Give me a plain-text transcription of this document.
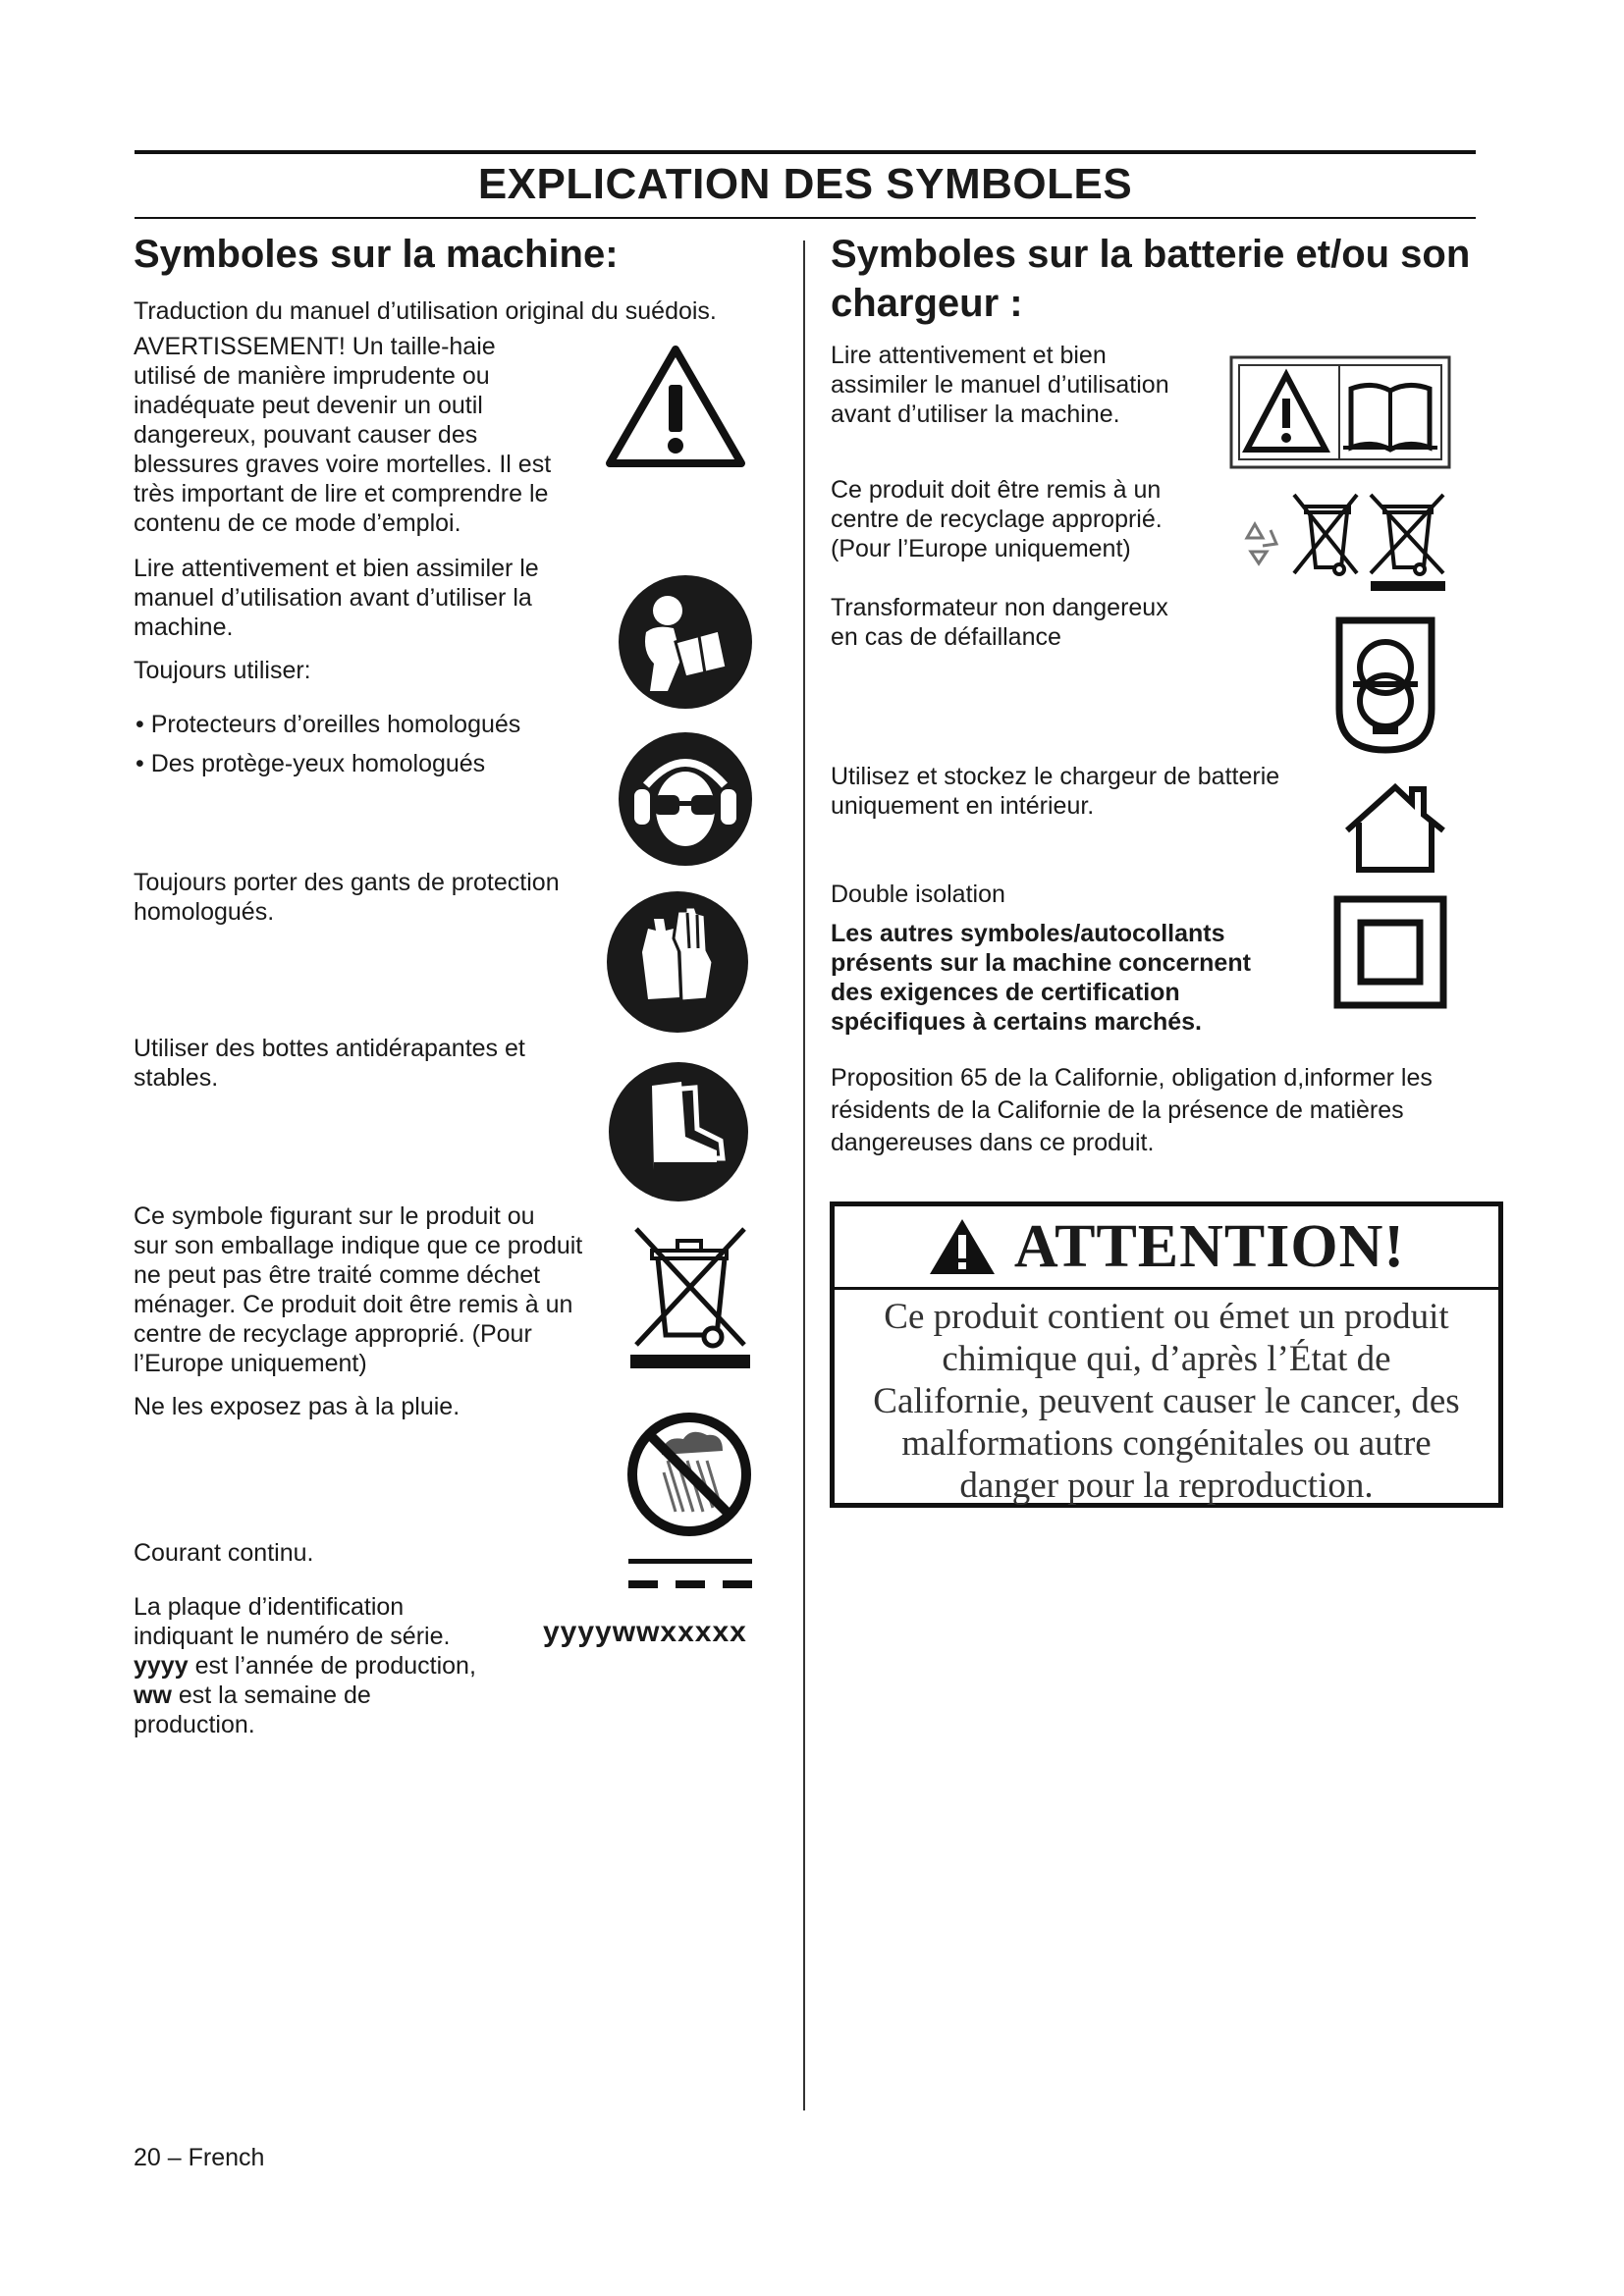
EXPLICATION DES SYMBOLES
Symboles sur la machine:

Traduction du manuel d’utilisation original du suédois.

AVERTISSEMENT! Un taille-haie
utilisé de manière imprudente ou
inadéquate peut devenir un outil
dangereux, pouvant causer des
blessures graves voire mortelles. Il est
très important de lire et comprendre le
contenu de ce mode d’emploi.
Lire attentivement et bien assimiler le
manuel d’utilisation avant d’utiliser la
machine.

Toujours utiliser:

• Protecteurs d’oreilles homologués
• Des protège-yeux homologués
Toujours porter des gants de protection
homologués.
Utiliser des bottes antidérapantes et
stables.
Ce symbole figurant sur le produit ou
sur son emballage indique que ce produit
ne peut pas être traité comme déchet
ménager. Ce produit doit être remis à un
centre de recyclage approprié. (Pour
l’Europe uniquement)

Ne les exposez pas à la pluie.

Courant continu.

La plaque d’identification
indiquant le numéro de série.
yyyy est l’année de production,
ww est la semaine de
production.
yyyywwxxxxx
Symboles sur la batterie et/ou son
chargeur :
Lire attentivement et bien
assimiler le manuel d’utilisation
avant d’utiliser la machine.
Ce produit doit être remis à un
centre de recyclage approprié.
(Pour l’Europe uniquement)
Transformateur non dangereux
en cas de défaillance
Utilisez et stockez le chargeur de batterie
uniquement en intérieur.

Double isolation

Les autres symboles/autocollants
présents sur la machine concernent
des exigences de certification
spécifiques à certains marchés.
Proposition 65 de la Californie, obligation d,informer les
résidents de la Californie de la présence de matières
dangereuses dans ce produit.
ATTENTION!
Ce produit contient ou émet un produit
chimique qui, d’après l’État de
Californie, peuvent causer le cancer, des
malformations congénitales ou autre
danger pour la reproduction.
20 – French
